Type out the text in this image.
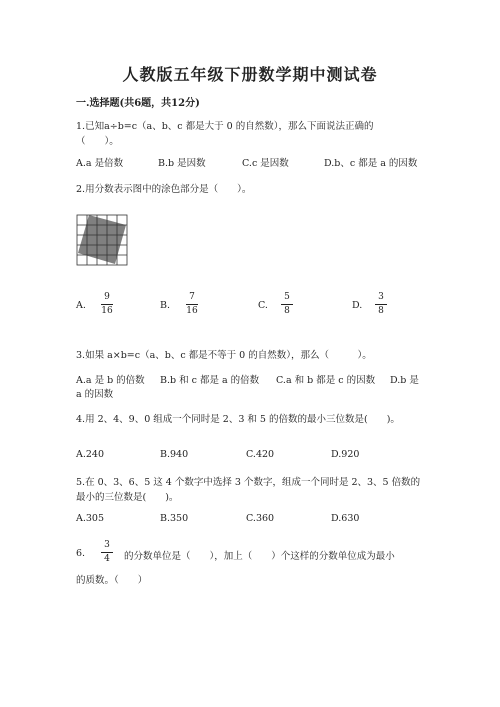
人教版五年级下册数学期中测试卷
一.选择题(共6题，共12分)
1.已知a÷b=c（a、b、c 都是大于 0 的自然数），那么下面说法正确的
（　　）。
A.a 是倍数	B.b 是因数	C.c 是因数	D.b、c 都是 a 的因数
2.用分数表示图中的涂色部分是（　　）。
A.
9
16	B.
7
16	C.
5
8	D.
3
8
3.如果 a×b=c（a、b、c 都是不等于 0 的自然数），那么（　　　）。
A.a 是 b 的倍数 B.b 和 c 都是 a 的倍数 C.a 和 b 都是 c 的因数 D.b 是
a 的因数
4.用 2、4、9、0 组成一个同时是 2、3 和 5 的倍数的最小三位数是(　　)。
A.240	B.940	C.420	D.920
5.在 0、3、6、5 这 4 个数字中选择 3 个数字，组成一个同时是 2、3、5 倍数的
最小的三位数是(　　)。
A.305	B.350	C.360	D.630
6.
3
4 的分数单位是（　　），加上（　　）个这样的分数单位成为最小
的质数。（　　）
